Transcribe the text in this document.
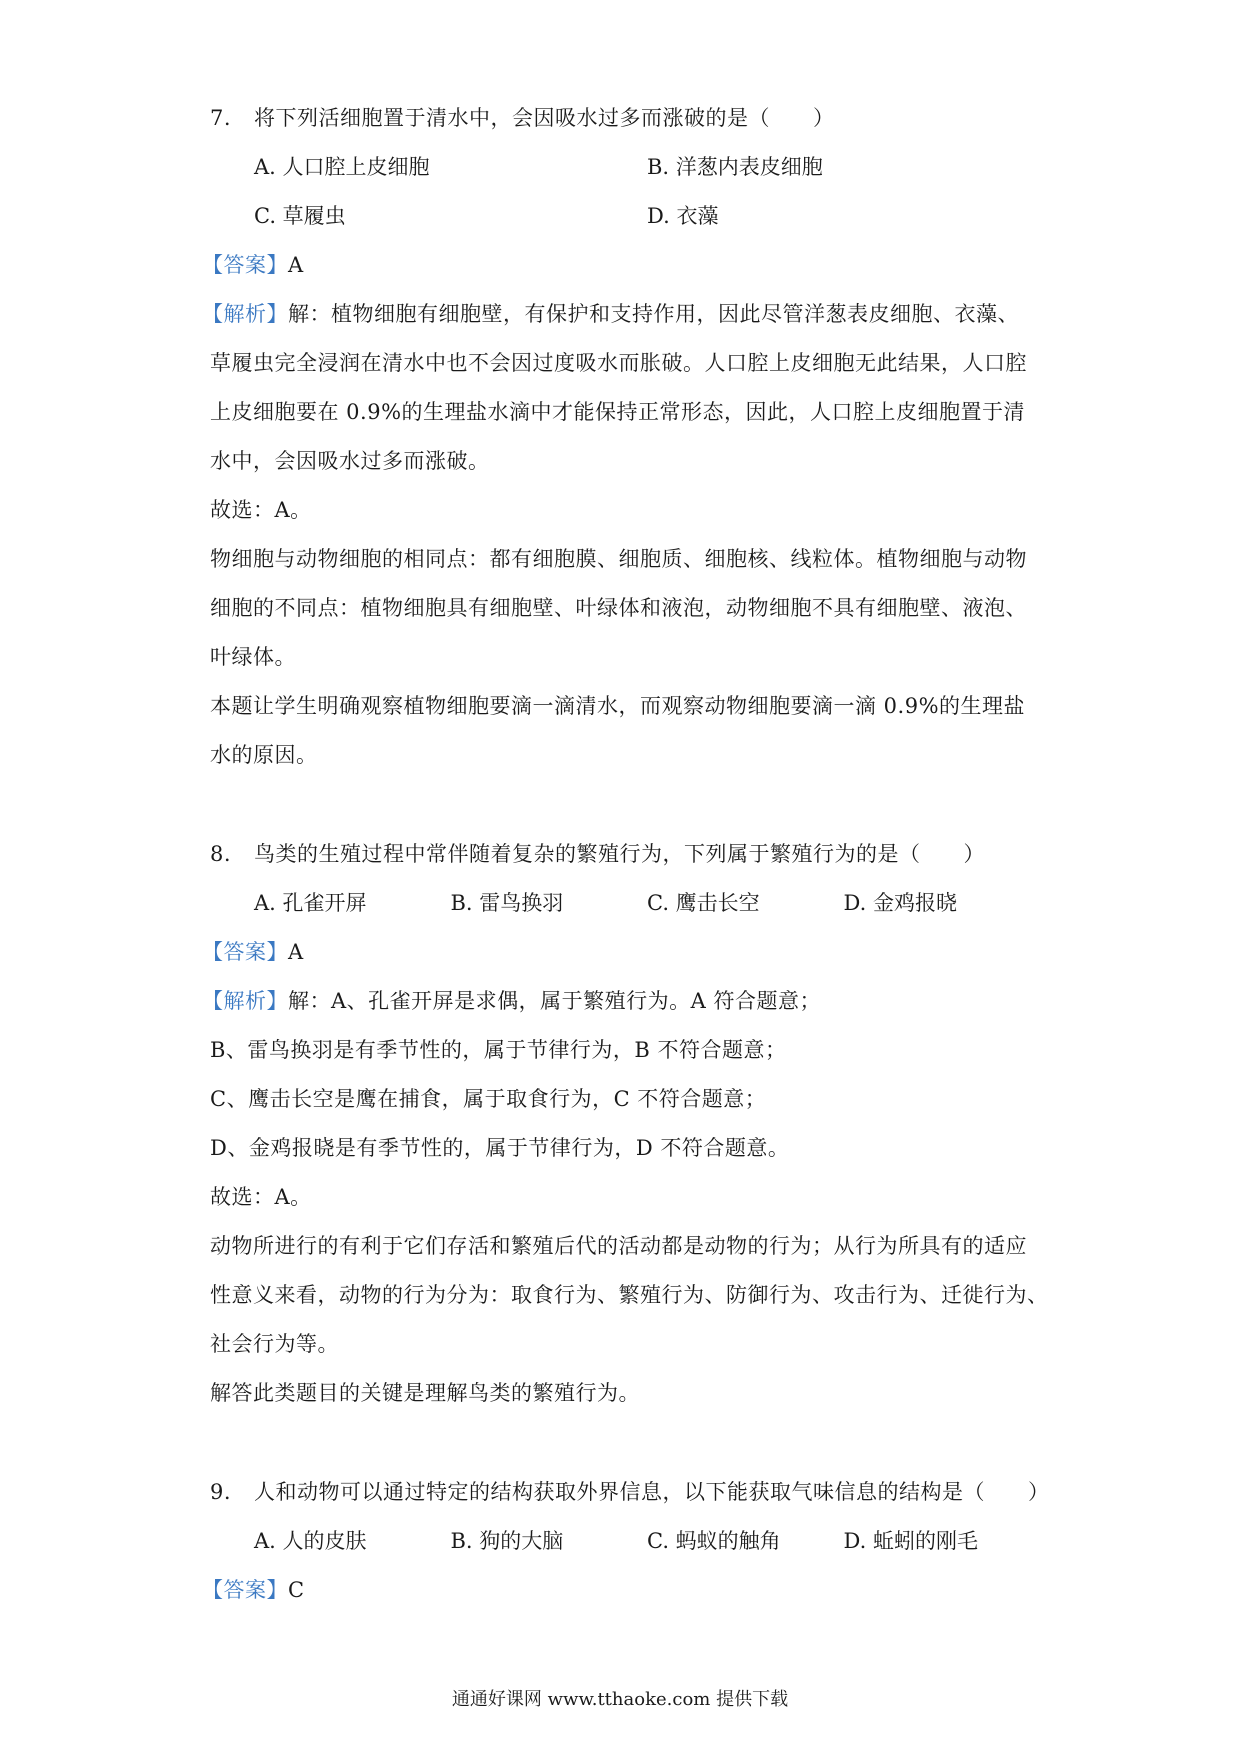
7. 将下列活细胞置于清水中，会因吸水过多而涨破的是（　　）
A. 人口腔上皮细胞	B. 洋葱内表皮细胞
C. 草履虫	D. 衣藻
【答案】A
【解析】解：植物细胞有细胞壁，有保护和支持作用，因此尽管洋葱表皮细胞、衣藻、
草履虫完全浸润在清水中也不会因过度吸水而胀破。人口腔上皮细胞无此结果，人口腔
上皮细胞要在 0.9%的生理盐水滴中才能保持正常形态，因此，人口腔上皮细胞置于清
水中，会因吸水过多而涨破。
故选：A。
物细胞与动物细胞的相同点：都有细胞膜、细胞质、细胞核、线粒体。植物细胞与动物
细胞的不同点：植物细胞具有细胞壁、叶绿体和液泡，动物细胞不具有细胞壁、液泡、
叶绿体。
本题让学生明确观察植物细胞要滴一滴清水，而观察动物细胞要滴一滴 0.9%的生理盐
水的原因。
8. 鸟类的生殖过程中常伴随着复杂的繁殖行为，下列属于繁殖行为的是（　　）
A. 孔雀开屏	B. 雷鸟换羽	C. 鹰击长空	D. 金鸡报晓
【答案】A
【解析】解：A、孔雀开屏是求偶，属于繁殖行为。A 符合题意；
B、雷鸟换羽是有季节性的，属于节律行为，B 不符合题意；
C、鹰击长空是鹰在捕食，属于取食行为，C 不符合题意；
D、金鸡报晓是有季节性的，属于节律行为，D 不符合题意。
故选：A。
动物所进行的有利于它们存活和繁殖后代的活动都是动物的行为；从行为所具有的适应
性意义来看，动物的行为分为：取食行为、繁殖行为、防御行为、攻击行为、迁徙行为、
社会行为等。
解答此类题目的关键是理解鸟类的繁殖行为。
9. 人和动物可以通过特定的结构获取外界信息，以下能获取气味信息的结构是（　　）
A. 人的皮肤	B. 狗的大脑	C. 蚂蚁的触角	D. 蚯蚓的刚毛
【答案】C
通通好课网 www.tthaoke.com 提供下载
